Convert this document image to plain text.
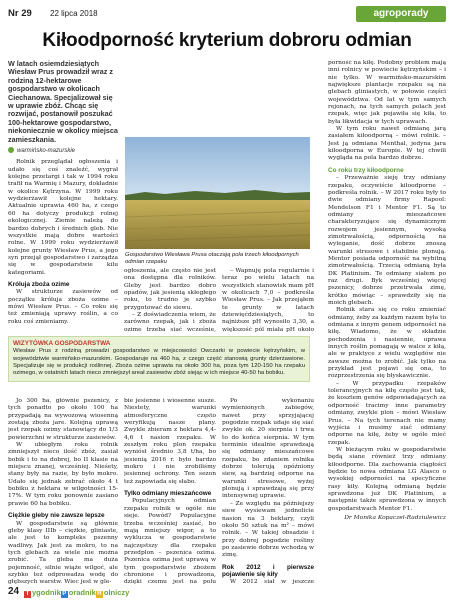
Nr 29 22 lipca 2018	agroporady
Kiłoodporność kryterium dobroru odmian

W latach osiemdziesiątych Wiesław Prus prowadził wraz z rodziną 12-hektarowe gospodarstwo w okolicach Ciechanowa. Specjalizował się w uprawie zbóż. Chcąc się rozwijać, postanowił poszukać 100-hektarowe gospodarstwo, niekoniecznie w okolicy miejsca zamieszkania.

warmińsko-mazurskie

Rolnik przeglądał ogłoszenia i udało się coś znaleźć, wygrał kolejne przetargi i tak w 1994 roku trafił na Warmię i Mazury, dokładnie w okolice Kętrzyna. W 1999 roku wydzierżawił kolejne hektary. Aktualnie uprawia 460 ha, z czego 60 ha dotyczy produkcji rolnej ekologicznej. Ziemie należą do bardzo dobrych i średnich gleb. Nie wszystkie mają dobre wartości rolne. W 1999 roku wydzierżawił kolejne grunty Wiesław Prus, a jego syn przejął gospodarstwo i zarządza się w gospodarstwie kilu kategoriami.

Króluja zboża ozime

W strukturze zasiewów od początku króluja zboża ozime – mówi Wiesław Prus. – Co roku się też zmieniają uprawy roślin, a co roku coś zmieniamy.

WIZYTÓWKA GOSPODARSTWA

Wiesław Prus z rodziną prowadzi gospodarstwo w miejscowości Owczarki w powiecie kętrzyńskim, w województwie warmińsko-mazurskim. Gospodaruje na 460 ha, z czego część stanowią grunty dzierżawione. Specjalizuje się w produkcji roślinnej. Zboża ozime uprawia na około 300 ha, poza tym 120-150 ha rzepaku ozimego, w ostatnich latach nieco zmniejszył areał zasiewów zbóż siejąc w ich miejsce 40-50 ha bobiku.

Jo 300 ha, głównie pszenicy, z tych ponadto po około 100 ha przypadają na wywozową wiosenną zostają zboża jare. Kolejną uprawą jest rzepak ozimy stanowiący do 1/3 powierzchni w strukturze zasiewów.

W ubiegłym roku rolnik zmniejszył nieco ilość zbóż, zasiał bobik i to na dobrej, bo II klasie na miejscu znanej, wcześniej. Nieśety, stany były na razie, by było mokro. Udało się jednak zebrać około 4 t bobiku z hektara w wilgotności 15-17%. W tym roku ponownie zasiano prawie 60 ha bobiku.

Ciężkie gleby nie zawsze lepsze

W gospodarstwie są głównie gleby klasy IIIb – ciężkie, gliniaste, ale jest to kompleks pszenny wadliwy. Jak jest za mokro, to na tych glebach za wiele nie można zrobić. Ta gleba ma duża pojemność, silnie wiąże wilgoć, ale szybko też odprowadza wodę do głębszych warstw. Wiec jest w gle-

Gospodarstwo Wiesława Prusa otaczają pola trzech kiłoodpornych odmian rzepaku

ogłoszenia, ale często nie jest ona dostępna dla rolników. Gleby jest bardzo dobro opadów, jak jesienią skłegłego roku, to trudno je szybko przygotować do siewu.

– Z doświadczenia wiem, że zarówno rzepak, jak i zboża ozime trzeba siać wcześnie,

bie jesienne i wiosenne susze. Niestety, warunki atmosferyczne często weryfikują nasze plany. Zwykle zbieram z hektara 4,4-4,6 t nasion rzepaku. W zeszłym roku plon rzepaku wyniósł średnio 3,8 t/ha, bo jesienią 2016 r. było bardzo mokro i nie zrobiliśmy jesiennej ochrony. Ten sezon też zapowiada się słabo.

Tylko odmiany mieszańcowe

Populacyjnych odmian rzepaku rolnik w ogóle nie sieje. Powód? Populacyjne trzeba wcześniej zasiać, bo mają mniejszy wigor, a to wyklucza w gospodarstwie najczęstszy dla rzepaku przedplon – pszenica ozima. Pszenica ozima jest uprawą w tym gospodarstwie zbożem chronione i prowadzona, dzięki czemu jest na polu

– Wapnuję pola regularnie i teraz po wielu latach na wszystkich stanowisk mam pH w okolicach 7,0 – podkreśla Wiesław Prus. – Jak przejąłem te grunty w latach dziewięćdziesiątych, to najniższe pH wynosiło 3,30, a większość pól miała pH około

Po wykonaniu wymienionych zabiegów, nawet przy sprzyjającej pogodzie rzepak udaje się siać zwykle ok. 20 sierpnia i trwa to do końca sierpnia. W tym terminie idealnie sprawdzają się odmiany mieszańcowe rzepaku, bo zdaniem rolnika dobrze tolerują opóźniony siew, są bardziej odporne na warunki stresowe, wyżej plonują i sprawdzają się przy intensywnej uprawie.

– Ze względu na późniejszy siew wysiewam jednolicie nasion na 3 hektary, czyli około 50 sztuk na m² – mówi rolnik. – W takiej obsadzie i przy dobrej pogodzie rośliny po zasiewie dobrze wchodzą w zimę.

Rok 2012 i pierwsze pojawienie się kiły

W 2012 siał w jeszcze

porność na kiłę. Podobny problem mają inni rolnicy w powiecie kętrzyńskim – i nie tylko. W warmińsko-mazurskim największe plantacje rzepaku są na glebach gliniastych, w połowie części województwa. Od lat w tym samych rejonach, na tych samych polach jest rzepak, więc jak pojawiła się kiła, to była likwidacja w tych uprawach.

W tym roku nawet odmianę jarą zasiałem kiłoodporną – mówi rolnik. – Jest ją odmiana Menthal, jedyna jara kiłoodporna w Europie. W tej chwili wygląda na pola bardzo dobrze.

Co roku trzy kiłoodporne

– Przeważnie sieję trzy odmiany rzepaku, oczywiście kiłoodporne – podkreśla rolnik. – W 2017 roku były to dwie odmiany firmy Rapool: Mendelson F1 i Mentor F1. Są to odmiany mieszańcowe charakteryzujące się dynamicznym rozwojem jesiennym, wysoką zimotrwałością, odpornością na wyleganie, dość dobrze znoszą warunki stresowe i stabilnie plonują. Mentor posiada odporność na wybitną zimotrwałością. Trzecią odmianą była DK Platinium. Te odmiany siałem po raz drugi. Byk wcześniej więcej pszenicy, dobrze przetrwała zimę, krótko mówiąc – sprawdziły się na moich glebach.

Rolnik stara się co roku zmieniać odmiany, żeby za każdym razem była to odmiana z innym genem odporności na kiłę. Wiadomo, że w składzie pochodzenia i nasiennie, uprawa innych roślin pomagają w walce z kiłą, ale w praktyce z wielu względów nie zawsze można to zrobić. Jak tylko na przykład jest pojawi się ona, to rozprzestrzenia się błyskawicznie.

– W przypadku rzepaków tolerancyjnych na kiłę często jest tak, że kosztem genów odpowiadających za odporność tracimy inne parametry odmiany, zwykle plon – mówi Wiesław Prus. – Na tych terenach nie mamy wyjścia i musimy siać odmiany odporne na kiłę, żeby w ogóle mieć rzepak.

W bieżącym roku w gospodarstwie będą siane również trzy odmiany kiłoodporne. Dla zachowania ciągłości będzie to nowa odmiana LG Alasco o wysokiej odporności na specyficzne rasy kiły. Kolejną odmianą będzie sprawdzona już DK Platinium, a następnie także sprawdzona w innych gospodarstwach Mentor F1.

Dr Monika Kopaczel-Radziulewicz
24 T ygodnikP oradnikR olniczy
